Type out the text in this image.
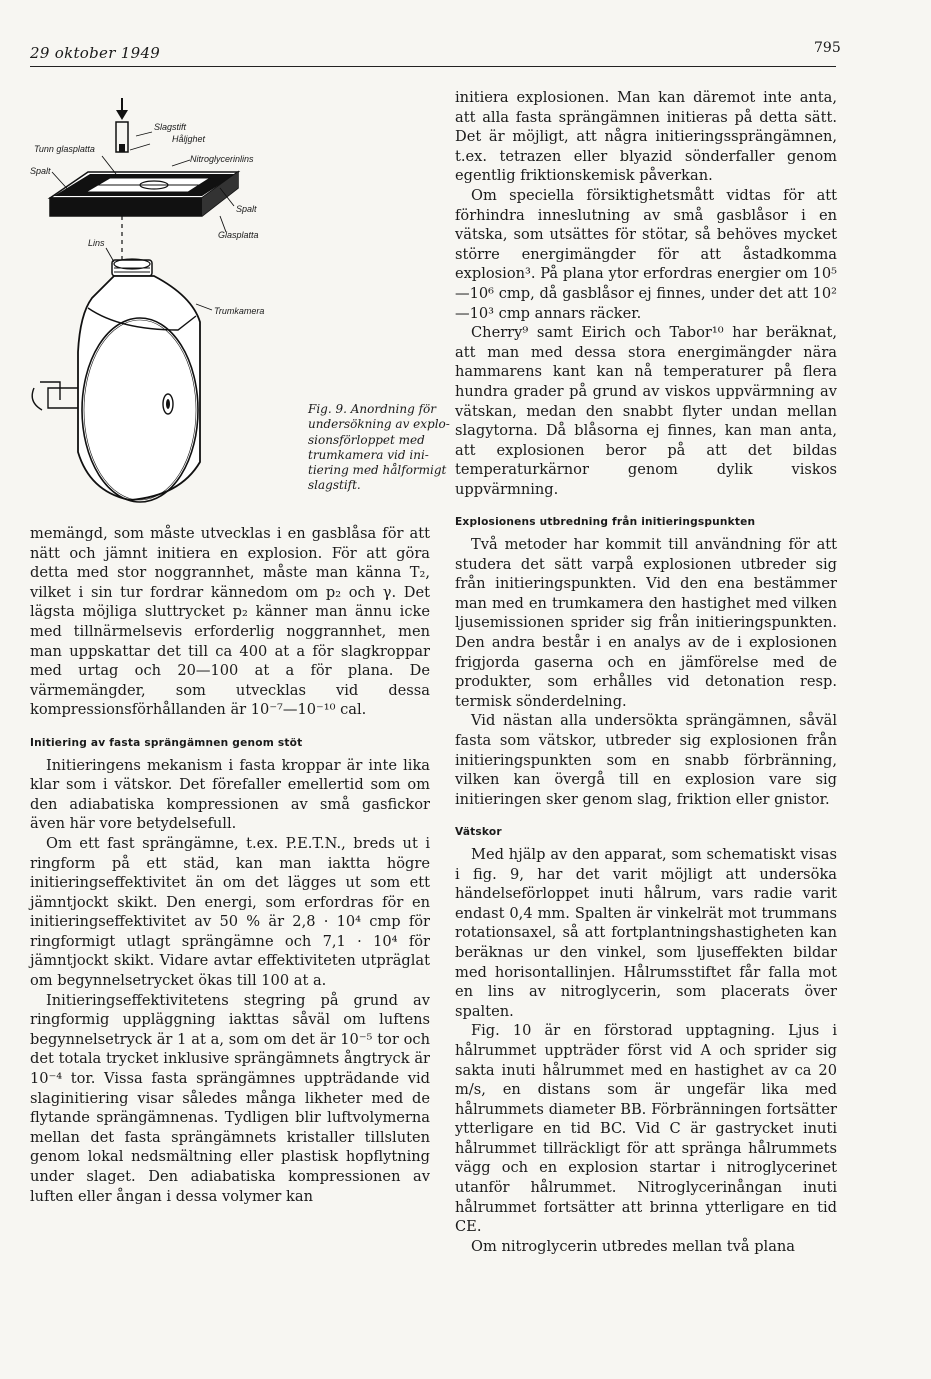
29 oktober 1949	795
Slagstift
Håljghet
Tunn glasplatta
Nitroglycerinlins
Spalt
Spalt
Glasplatta
Lins
Trumkamera
Fig. 9. Anordning för
undersökning av explo-
sionsförloppet med
trumkamera vid ini-
tiering med hålformigt
slagstift.

memängd, som måste utvecklas i en gasblåsa för att nätt och jämnt initiera en explosion. För att göra detta med stor noggrannhet, måste man känna T₂, vilket i sin tur fordrar kännedom om p₂ och γ. Det lägsta möjliga sluttrycket p₂ känner man ännu icke med tillnärmelsevis erforderlig noggrannhet, men man uppskattar det till ca 400 at a för slagkroppar med urtag och 20—100 at a för plana. De värmemängder, som utvecklas vid dessa kompressionsförhållanden är 10⁻⁷—10⁻¹⁰ cal.

Initiering av fasta sprängämnen genom stöt

Initieringens mekanism i fasta kroppar är inte lika klar som i vätskor. Det förefaller emellertid som om den adiabatiska kompressionen av små gasfickor även här vore betydelsefull.

Om ett fast sprängämne, t.ex. P.E.T.N., breds ut i ringform på ett städ, kan man iaktta högre initieringseffektivitet än om det lägges ut som ett jämntjockt skikt. Den energi, som erfordras för en initieringseffektivitet av 50 % är 2,8 · 10⁴ cmp för ringformigt utlagt sprängämne och 7,1 · 10⁴ för jämntjockt skikt. Vidare avtar effektiviteten utpräglat om begynnelsetrycket ökas till 100 at a.

Initieringseffektivitetens stegring på grund av ringformig uppläggning iakttas såväl om luftens begynnelsetryck är 1 at a, som om det är 10⁻⁵ tor och det totala trycket inklusive sprängämnets ångtryck är 10⁻⁴ tor. Vissa fasta sprängämnes uppträdande vid slaginitiering visar således många likheter med de flytande sprängämnenas. Tydligen blir luftvolymerna mellan det fasta sprängämnets kristaller tillsluten genom lokal nedsmältning eller plastisk hopflytning under slaget. Den adiabatiska kompressionen av luften eller ångan i dessa volymer kan

initiera explosionen. Man kan däremot inte anta, att alla fasta sprängämnen initieras på detta sätt. Det är möjligt, att några initieringssprängämnen, t.ex. tetrazen eller blyazid sönderfaller genom egentlig friktionskemisk påverkan.

Om speciella försiktighetsmått vidtas för att förhindra inneslutning av små gasblåsor i en vätska, som utsättes för stötar, så behöves mycket större energimängder för att åstadkomma explosion³. På plana ytor erfordras energier om 10⁵—10⁶ cmp, då gasblåsor ej finnes, under det att 10²—10³ cmp annars räcker.

Cherry⁹ samt Eirich och Tabor¹⁰ har beräknat, att man med dessa stora energimängder nära hammarens kant kan nå temperaturer på flera hundra grader på grund av viskos uppvärmning av vätskan, medan den snabbt flyter undan mellan slagytorna. Då blåsorna ej finnes, kan man anta, att explosionen beror på att det bildas temperaturkärnor genom dylik viskos uppvärmning.

Explosionens utbredning från initieringspunkten

Två metoder har kommit till användning för att studera det sätt varpå explosionen utbreder sig från initieringspunkten. Vid den ena bestämmer man med en trumkamera den hastighet med vilken ljusemissionen sprider sig från initieringspunkten. Den andra består i en analys av de i explosionen frigjorda gaserna och en jämförelse med de produkter, som erhålles vid detonation resp. termisk sönderdelning.

Vid nästan alla undersökta sprängämnen, såväl fasta som vätskor, utbreder sig explosionen från initieringspunkten som en snabb förbränning, vilken kan övergå till en explosion vare sig initieringen sker genom slag, friktion eller gnistor.

Vätskor

Med hjälp av den apparat, som schematiskt visas i fig. 9, har det varit möjligt att undersöka händelseförloppet inuti hålrum, vars radie varit endast 0,4 mm. Spalten är vinkelrät mot trummans rotationsaxel, så att fortplantningshastigheten kan beräknas ur den vinkel, som ljuseffekten bildar med horisontallinjen. Hålrumsstiftet får falla mot en lins av nitroglycerin, som placerats över spalten.

Fig. 10 är en förstorad upptagning. Ljus i hålrummet uppträder först vid A och sprider sig sakta inuti hålrummet med en hastighet av ca 20 m/s, en distans som är ungefär lika med hålrummets diameter BB. Förbränningen fortsätter ytterligare en tid BC. Vid C är gastrycket inuti hålrummet tillräckligt för att spränga hålrummets vägg och en explosion startar i nitroglycerinet utanför hålrummet. Nitroglycerinångan inuti hålrummet fortsätter att brinna ytterligare en tid CE.

Om nitroglycerin utbredes mellan två plana
